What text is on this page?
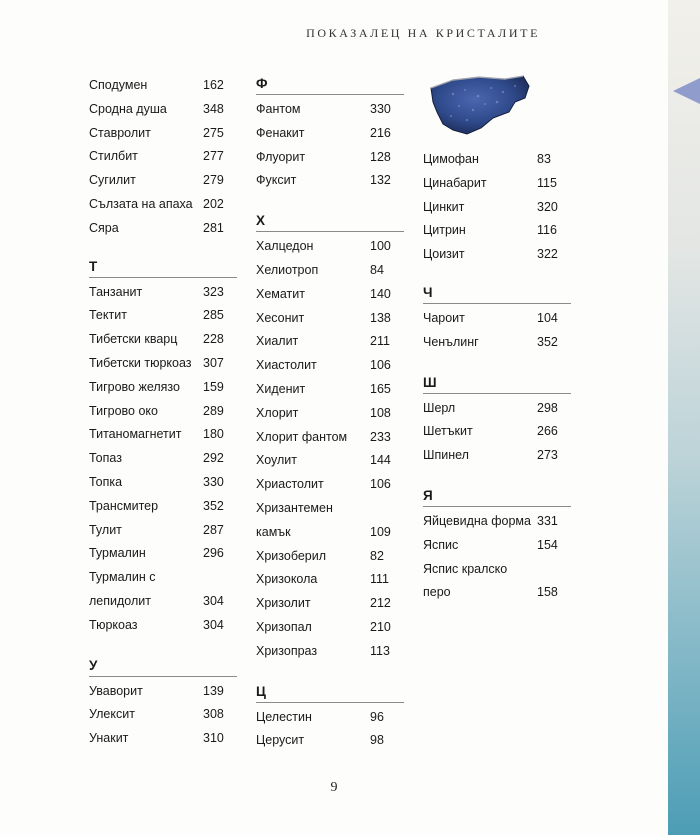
ПОКАЗАЛЕЦ НА КРИСТАЛИТЕ
Сподумен	162
Сродна душа	348
Ставролит	275
Стилбит	277
Сугилит	279
Сълзата на апаха 202
Сяра	281
Т
Танзанит	323
Тектит	285
Тибетски кварц 228
Тибетски тюркоаз 307
Тигрово желязо 159
Тигрово око	289
Титаномагнетит 180
Топаз	292
Топка	330
Трансмитер	352
Тулит	287
Турмалин	296
Турмалин с
лепидолит	304
Тюркоаз	304
У
Уваворит	139
Улексит	308
Унакит	310
Ф
Фантом	330
Фенакит	216
Флуорит	128
Фуксит	132
Х
Халцедон	100
Хелиотроп	84
Хематит	140
Хесонит	138
Хиалит	211
Хиастолит	106
Хиденит	165
Хлорит	108
Хлорит фантом 233
Хоулит	144
Хриастолит	106
Хризантемен
камък	109
Хризоберил	82
Хризокола	111
Хризолит	212
Хризопал	210
Хризопраз	113
Ц
Целестин	96
Церусит	98
Цимофан	83
Цинабарит	115
Цинкит	320
Цитрин	116
Цоизит	322
Ч
Чароит	104
Ченълинг	352
Ш
Шерл	298
Шетъкит	266
Шпинел	273
Я
Яйцевидна форма 331
Яспис	154
Яспис кралско
перо	158
9
